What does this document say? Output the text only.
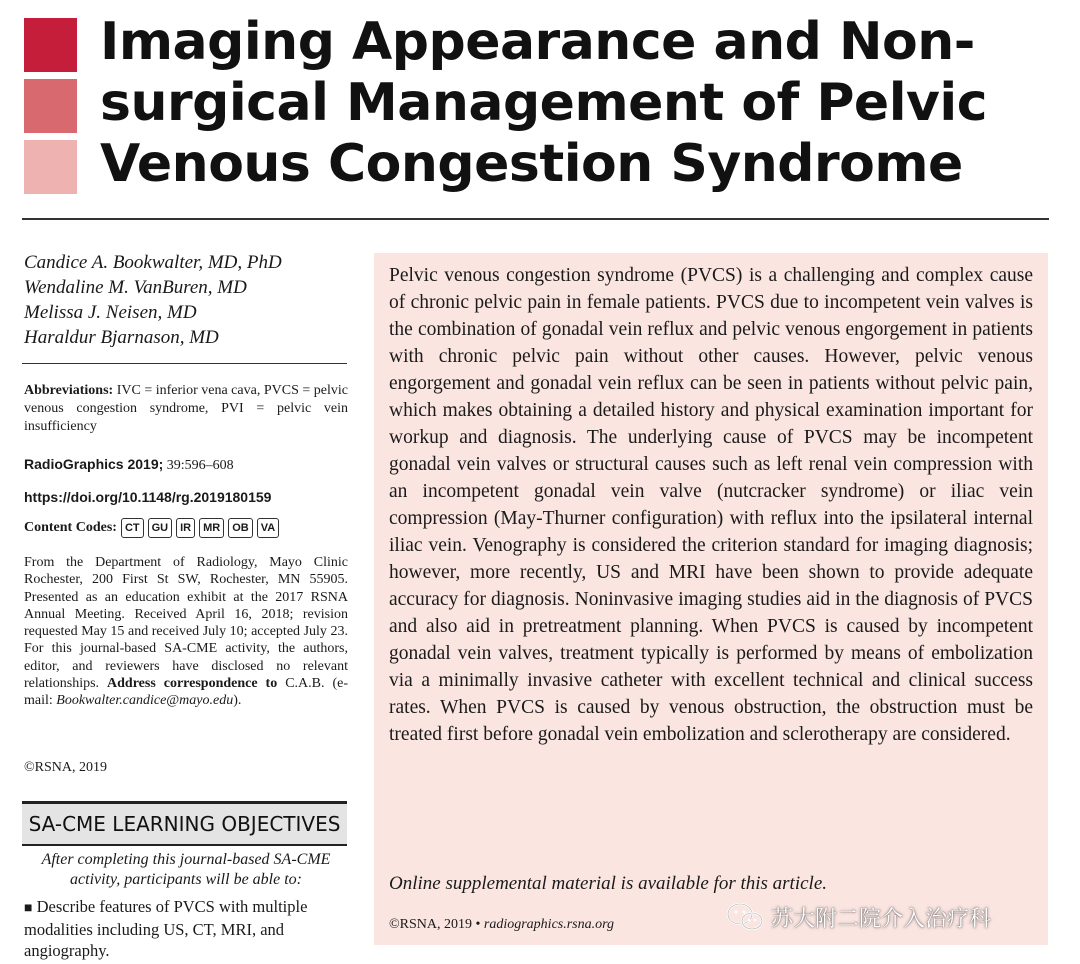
Imaging Appearance and Non-
surgical Management of Pelvic
Venous Congestion Syndrome
Candice A. Bookwalter, MD, PhD
Wendaline M. VanBuren, MD
Melissa J. Neisen, MD
Haraldur Bjarnason, MD
Abbreviations: IVC = inferior vena cava, PVCS = pelvic venous congestion syndrome, PVI = pelvic vein insufficiency
RadioGraphics 2019; 39:596–608
https://doi.org/10.1148/rg.2019180159
Content Codes: CT	GU	IR	MR	OB	VA
From the Department of Radiology, Mayo Clinic Rochester, 200 First St SW, Rochester, MN 55905. Presented as an education exhibit at the 2017 RSNA Annual Meeting. Received April 16, 2018; revision requested May 15 and received July 10; accepted July 23. For this journal-based SA-CME activity, the authors, editor, and reviewers have disclosed no relevant relationships. Address correspondence to C.A.B. (e-mail: Bookwalter.candice@mayo.edu).
©RSNA, 2019
SA-CME LEARNING OBJECTIVES
After completing this journal-based SA-CME activity, participants will be able to:
■ Describe features of PVCS with multiple modalities including US, CT, MRI, and angiography.
Pelvic venous congestion syndrome (PVCS) is a challenging and complex cause of chronic pelvic pain in female patients. PVCS due to incompetent vein valves is the combination of gonadal vein reflux and pelvic venous engorgement in patients with chronic pelvic pain without other causes. However, pelvic venous engorgement and gonadal vein reflux can be seen in patients without pelvic pain, which makes obtaining a detailed history and physical examination important for workup and diagnosis. The underlying cause of PVCS may be incompetent gonadal vein valves or structural causes such as left renal vein compression with an incompetent gonadal vein valve (nutcracker syndrome) or iliac vein compression (May-Thurner configuration) with reflux into the ipsilateral internal iliac vein. Venography is considered the criterion standard for imaging diagnosis; however, more recently, US and MRI have been shown to provide adequate accuracy for diagnosis. Noninvasive imaging studies aid in the diagnosis of PVCS and also aid in pretreatment planning. When PVCS is caused by incompetent gonadal vein valves, treatment typically is performed by means of embolization via a minimally invasive catheter with excellent technical and clinical success rates. When PVCS is caused by venous obstruction, the obstruction must be treated first before gonadal vein embolization and sclerotherapy are considered.
Online supplemental material is available for this article.
©RSNA, 2019 • radiographics.rsna.org	苏大附二院介入治疗科
